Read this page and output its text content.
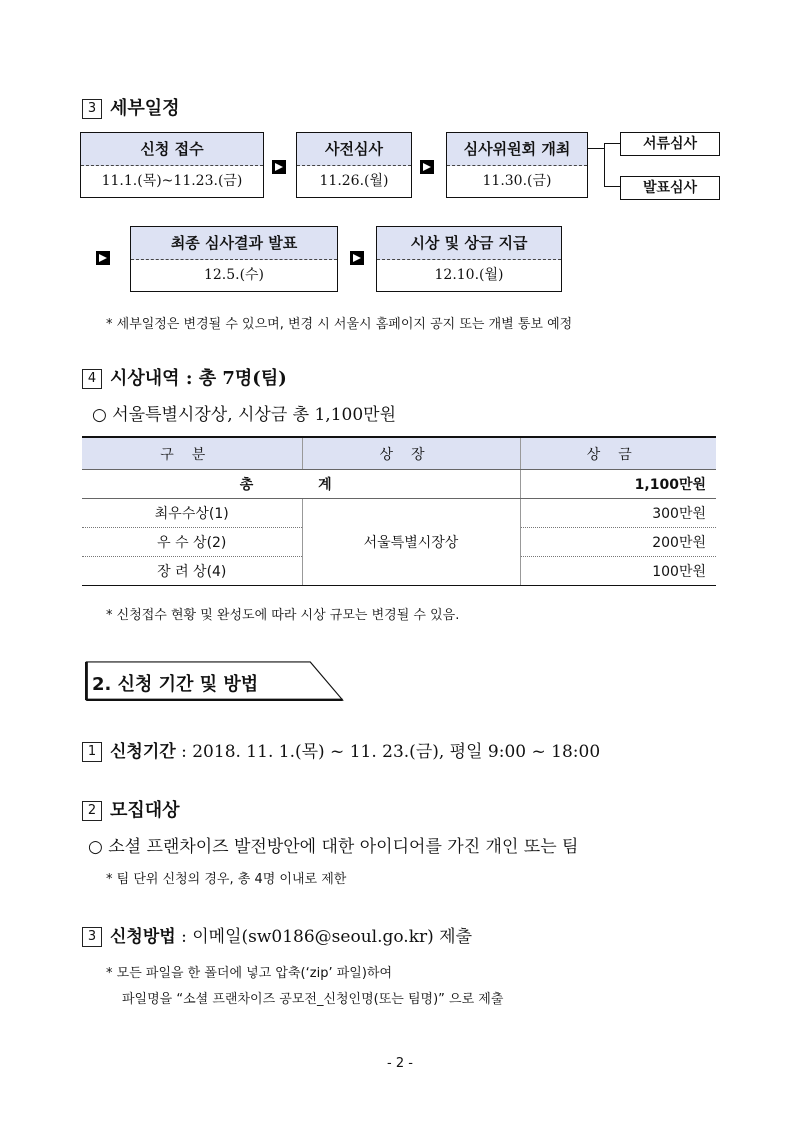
3 세부일정
신청 접수
11.1.(목)~11.23.(금)
사전심사
11.26.(월)
심사위원회 개최
11.30.(금)
서류심사
발표심사
최종 심사결과 발표
12.5.(수)
시상 및 상금 지급
12.10.(월)
* 세부일정은 변경될 수 있으며, 변경 시 서울시 홈페이지 공지 또는 개별 통보 예정
4 시상내역 : 총 7명(팀)
○ 서울특별시장상, 시상금 총 1,100만원
구분	상장	상금
총 계		1,100만원
최우수상(1)	서울특별시장상	300만원
우 수 상(2)		200만원
장 려 상(4)		100만원
* 신청접수 현황 및 완성도에 따라 시상 규모는 변경될 수 있음.
2. 신청 기간 및 방법
1 신청기간 : 2018. 11. 1.(목) ~ 11. 23.(금), 평일 9:00 ~ 18:00
2 모집대상
○ 소셜 프랜차이즈 발전방안에 대한 아이디어를 가진 개인 또는 팀
* 팀 단위 신청의 경우, 총 4명 이내로 제한
3 신청방법 : 이메일(sw0186@seoul.go.kr) 제출
* 모든 파일을 한 폴더에 넣고 압축(‘zip’ 파일)하여
파일명을 “소셜 프랜차이즈 공모전_신청인명(또는 팀명)” 으로 제출
- 2 -
